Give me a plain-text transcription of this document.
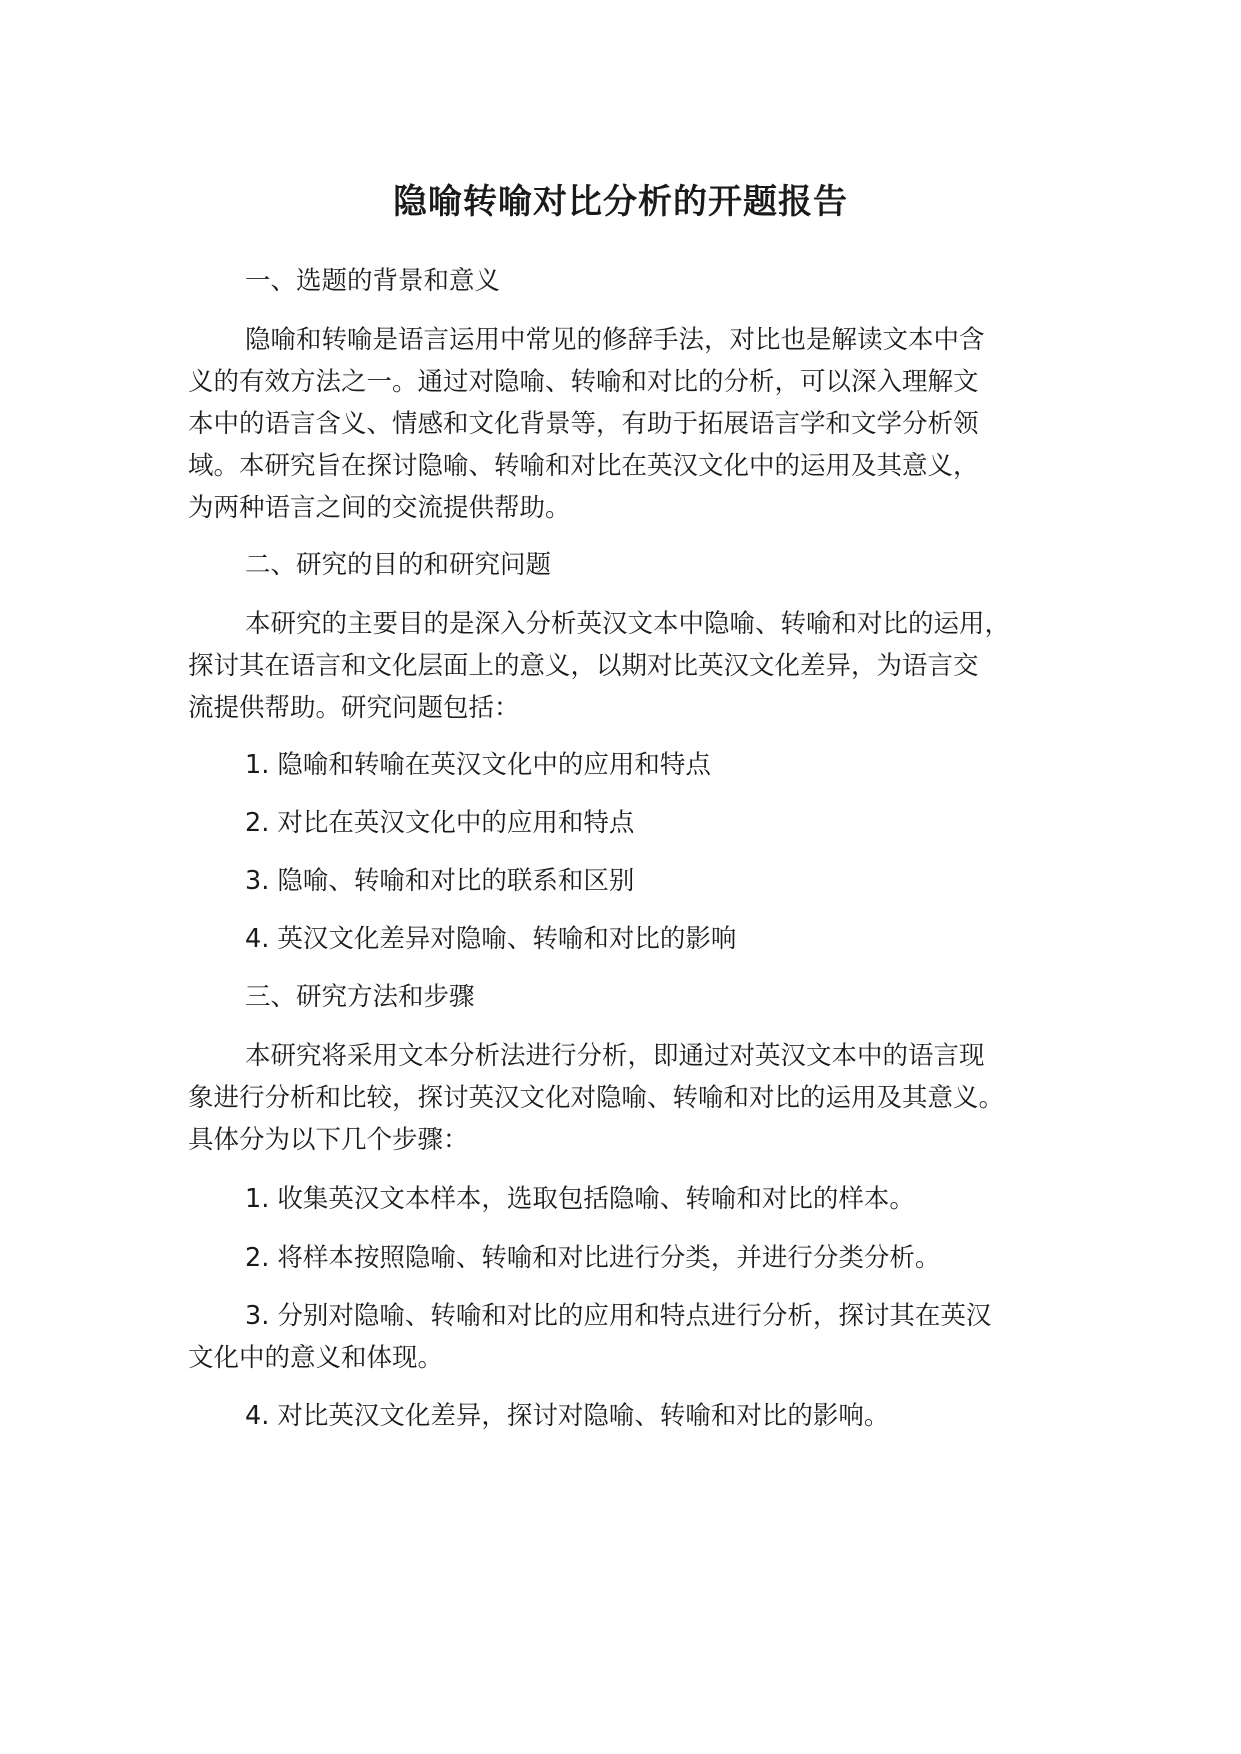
隐喻转喻对比分析的开题报告
一、选题的背景和意义
隐喻和转喻是语言运用中常见的修辞手法，对比也是解读文本中含
义的有效方法之一。通过对隐喻、转喻和对比的分析，可以深入理解文
本中的语言含义、情感和文化背景等，有助于拓展语言学和文学分析领
域。本研究旨在探讨隐喻、转喻和对比在英汉文化中的运用及其意义，
为两种语言之间的交流提供帮助。
二、研究的目的和研究问题
本研究的主要目的是深入分析英汉文本中隐喻、转喻和对比的运用，
探讨其在语言和文化层面上的意义，以期对比英汉文化差异，为语言交
流提供帮助。研究问题包括：
1. 隐喻和转喻在英汉文化中的应用和特点
2. 对比在英汉文化中的应用和特点
3. 隐喻、转喻和对比的联系和区别
4. 英汉文化差异对隐喻、转喻和对比的影响
三、研究方法和步骤
本研究将采用文本分析法进行分析，即通过对英汉文本中的语言现
象进行分析和比较，探讨英汉文化对隐喻、转喻和对比的运用及其意义。
具体分为以下几个步骤：
1. 收集英汉文本样本，选取包括隐喻、转喻和对比的样本。
2. 将样本按照隐喻、转喻和对比进行分类，并进行分类分析。
3. 分别对隐喻、转喻和对比的应用和特点进行分析，探讨其在英汉
文化中的意义和体现。
4. 对比英汉文化差异，探讨对隐喻、转喻和对比的影响。
